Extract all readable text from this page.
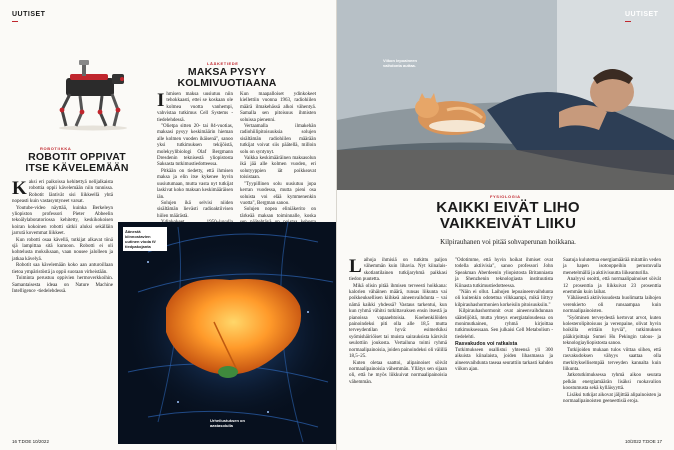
UUTISET
ROBOTIIKKA
ROBOTIT OPPIVAT
ITSE KÄVELEMÄÄN

Kaksi eri paikoissa kehitettyä nelijalkaista robottia oppii kävelemään niin tunnissa. Robotit läntivät sisi liikkeellä yhtä nopeasti kuin vastasyntyneet varsat.

Youtube-video näyttää, kuinka Berkeleyn yliopiston professori Pieter Abbeelin tekoälylaboratoriossa kehitetty, keskikokoisen koiran kokoinen robotti sätkii aluksi sekälläin jarrutä kovemmat liikkeet.

Kun robotti osaa kävellä, tutkijat alkavat tönä sjä lampittaa sitä kumoon. Robotti ei oli kohtelusta moksiksaan, vaan nousee jalolleen ja jatkaa kävelyä.

Robotit saa kävelemään koko aan anturoillaan tietoa ympäristöstä ja oppii suoraan virheistään.

Toiminta perustuu oppivien hermoverkkoihin. Samantaisesta ideaa on Nature Machine Intelligence -tiedelehdessä.

LÄÄKETIEDE
MAKSA PYSYY KOLMIVUOTIAANA

Ihmisen maksa uusiutuu niin tehokkaasti, ettei se koskaan ole kolmea vuotta vanhempi, vahvistaa tutkimus Cell Systems -tiedelehdessä.

"Olietpa sitten 20- tai 84-vuotias, maksasi pysyy keskimäärin hieman alle kolmen vuoden ikäisenä", sanoo yksi tutkimuksen tekijöistä, molekyylibiologi Olaf Bergmann Dresdenin teknisestä yliopistosta Saksasta tutkimustiedotteessa.

Pitkään on tiedetty, että ihmisen maksa ja elin itse kykenee hyvin uusiutumaan, mutta vasta nyt tutkijat laskivat koko maksan keskimääräisen iän.

Solujen ikä selvisi niiden sisältämän lievästi radioaktiivisen hiilen määrästä.

Kun maapalloiset ydinkokeet kiellettiin vuonna 1963, radiohiilen määrä ilmakehässä alkoi vähentyä. Samalla sen pitoisuus ihmisten soluissa pienenni.

Vertaamalla ilmakehän radiohiilipitoisuuksia solujen sisältämän radiohiilen määrään tutkijat voivat siis päätellä, milloin solu on syntynyt.

Vaikka keskimääräinen maksasolun ikä jää alle kolmen vuoden, eri solutyyppien iät poikkeavat toisistaan.

"Tyypillinen solu uusiutuu jopa kerran vuodessa, mutta pieni osa soluista voi elää kymmenenkin vuotta", Bergman sanoo.

Solujen nopea eliniäkerito on tärkeää maksan toiminnalle, koska

Äänestä kiinnostavien uutinen vioda fi/ tiedpakojanta
Urheilustuksen on aastasolulla
16 T:DOE 10/2022
UUTISET
Viikon lepoaineen
vaihdonta auttaa.
FYSIOLOGIA
KAIKKI EIVÄT LIHO
VAIKKEIVÄT LIIKU
Kilpirauhanen voi pitää sohvaperunan hoikkana.

Laihoja ihmisiä on tutkittu paljon vähemmän kuin lihavia. Nyt kiinalais-skotlantilainen tutkijaryhmä paikkasi tiedon puutetta.

Mikä olisin pitää ihmisen terveesti hoikkana: kalorien vähäinen määrä, runsas liikunta vai poikkeuksellisen kiihkeä aineenvaihdunta – vai nämä kaikki yhdessä? Vastaus tarkentui, kun kun ryhmä vähitsi tutkittavaksen ensin itsestä ja pianoissa vapaaehtoisia. Koehenkilöiden painoindeksi piti olla alle 18,5 mutta terveydentilan hyvä: esimerkiksi syömishäiriöiset tai muista sairauksista kärsivät seulottiin joukosta. Vertailuna toimi ryhmä normaalipainoisia, joiden painoindeksi oli välillä 18,5–25.

Kuten oletaa saattoi, alipainoiset söivät normaalipainoisia vähemmän. Yllätys sen sijaan oli, että he myös liikkuivat normaalipainoisia vähemmän.

"Odotimme, että hyvin hoikat ihmiset ovat todella aktiivisia", sanoo professori John Speakman Aberdeenin yliopistosta Britanniasta ja Shenzhenin teknologiasta instituutista Kiinasta tutkimustiedotteessa.

"Näin ei ollut. Laihojen lepoaineenvaihdunta oli kuitenkin odotettua vilkkaampi, mikä liittyy kilpirauhashormonien korkeisiin pitoisuuksiin."

Kilpirauhashormonit ovat aineenvaihdunnan säätelijöitä, mutta yhteys energiataloudessa on monimutkainen, ryhmä kirjoittaa tutkimuksessaan. Sen julkaisi Cell Metabolism -tiedelehti.

Rasvakudos voi ratkaista

Tutkimukseen osallistui yhteensä yli 300 aikuista kiinalaista, joiden lihasmassa ja aineenvaihdunta taseaa seurattiin tarkasti kahden viikon ajan.

Saatuja kulutettua energiamäärää mitattiin veden ja hapen isotooppeihin perustuvalla menetelmällä ja aktiivisuutta liikeanturilla.

Analyysi osoitti, että normaalipainoiset söivät 12 prosenttia ja liikkuivat 23 prosenttia enemmän kuin laihat.

Vähäisestä aktiivisuudesta huolimatta laihojen verenkierto oli runsaampaa kuin normaalipainoisten.

"Syöminen terveydestä kertovat arvot, kuten kolesterolipitoisuus ja verenpaine, olivat hyvin hoikilla erittäin hyviä", tutkimuksen pääkirjoittaja Sumei Hu Pekingin talous- ja teknologiayliopistosta sanoo.

Tutkijoiden mukaan tulos viittaa siihen, että rasvakudoksen vähyys saattaa olla merkityksellisempää terveyden kannalta kuin liikunta.

Jatkotutkimuksessa ryhmä aikoo seurata pelkän energiamäärän lisäksi ruokavalion koostumusta sekä kylläisyyttä.

Lisäksi tutkijat aikovat jäljittää alipainoisten ja normaalipainoisten geeneettisiä eroja.

10/2022 T:DOE 17
